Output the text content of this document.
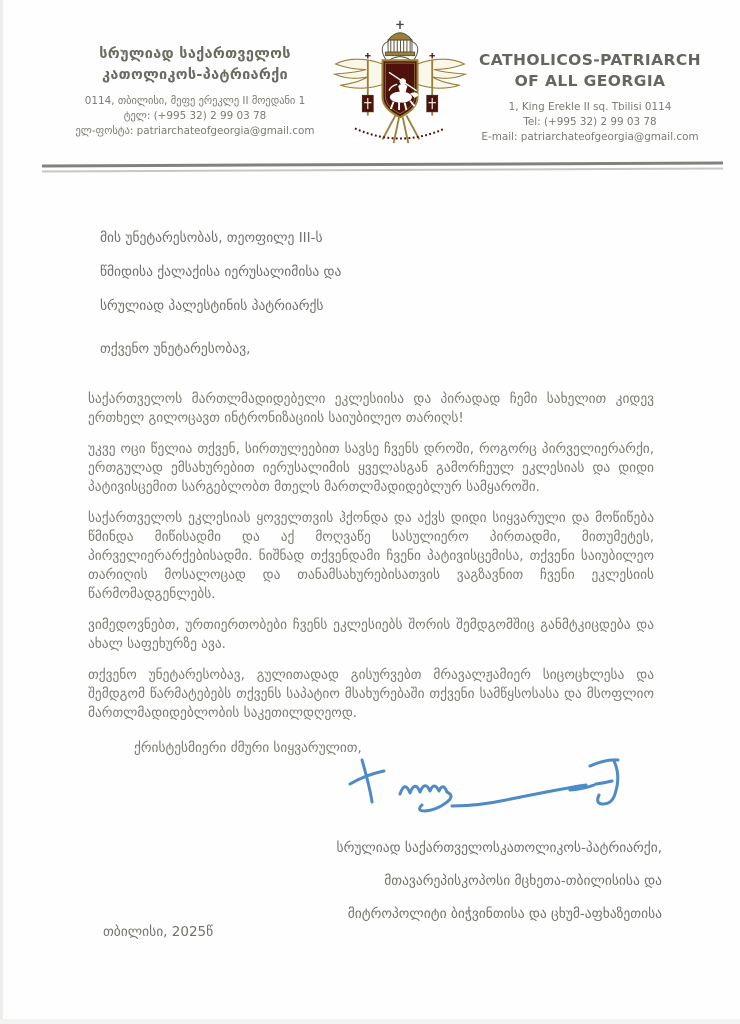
სრულიად საქართველოს
კათოლიკოს-პატრიარქი
0114, თბილისი, მეფე ერეკლე II მოედანი 1
ტელ: (+995 32) 2 99 03 78
ელ-ფოსტა: patriarchateofgeorgia@gmail.com
CATHOLICOS-PATRIARCH
OF ALL GEORGIA
1, King Erekle II sq. Tbilisi 0114
Tel: (+995 32) 2 99 03 78
E-mail: patriarchateofgeorgia@gmail.com
მის უნეტარესობას, თეოფილე III-ს
წმიდისა ქალაქისა იერუსალიმისა და
სრულიად პალესტინის პატრიარქს
თქვენო უნეტარესობავ,

საქართველოს მართლმადიდებელი ეკლესიისა და პირადად ჩემი სახელით კიდევ ერთხელ გილოცავთ ინტრონიზაციის საიუბილეო თარიღს!

უკვე ოცი წელია თქვენ, სირთულეებით სავსე ჩვენს დროში, როგორც პირველიერარქი, ერთგულად ემსახურებით იერუსალიმის ყველასგან გამორჩეულ ეკლესიას და დიდი პატივისცემით სარგებლობთ მთელს მართლმადიდებლურ სამყაროში.

საქართველოს ეკლესიას ყოველთვის ჰქონდა და აქვს დიდი სიყვარული და მოწიწება წმინდა მიწისადმი და აქ მოღვაწე სასულიერო პირთადმი, მითუმეტეს, პირველიერარქებისადმი. ნიშნად თქვენდამი ჩვენი პატივისცემისა, თქვენი საიუბილეო თარიღის მოსალოცად და თანამსახურებისათვის ვაგზავნით ჩვენი ეკლესიის წარმომადგენლებს.

ვიმედოვნებთ, ურთიერთობები ჩვენს ეკლესიებს შორის შემდგომშიც განმტკიცდება და ახალ საფეხურზე ავა.

თქვენო უნეტარესობავ, გულითადად გისურვებთ მრავალჟამიერ სიცოცხლესა და შემდგომ წარმატებებს თქვენს საპატიო მსახურებაში თქვენი სამწყსოსასა და მსოფლიო მართლმადიდებლობის საკეთილდღეოდ.

ქრისტესმიერი ძმური სიყვარულით,
სრულიად საქართველოსკათოლიკოს-პატრიარქი,
მთავარეპისკოპოსი მცხეთა-თბილისისა და
მიტროპოლიტი ბიჭვინთისა და ცხუმ-აფხაზეთისა
თბილისი, 2025წ
